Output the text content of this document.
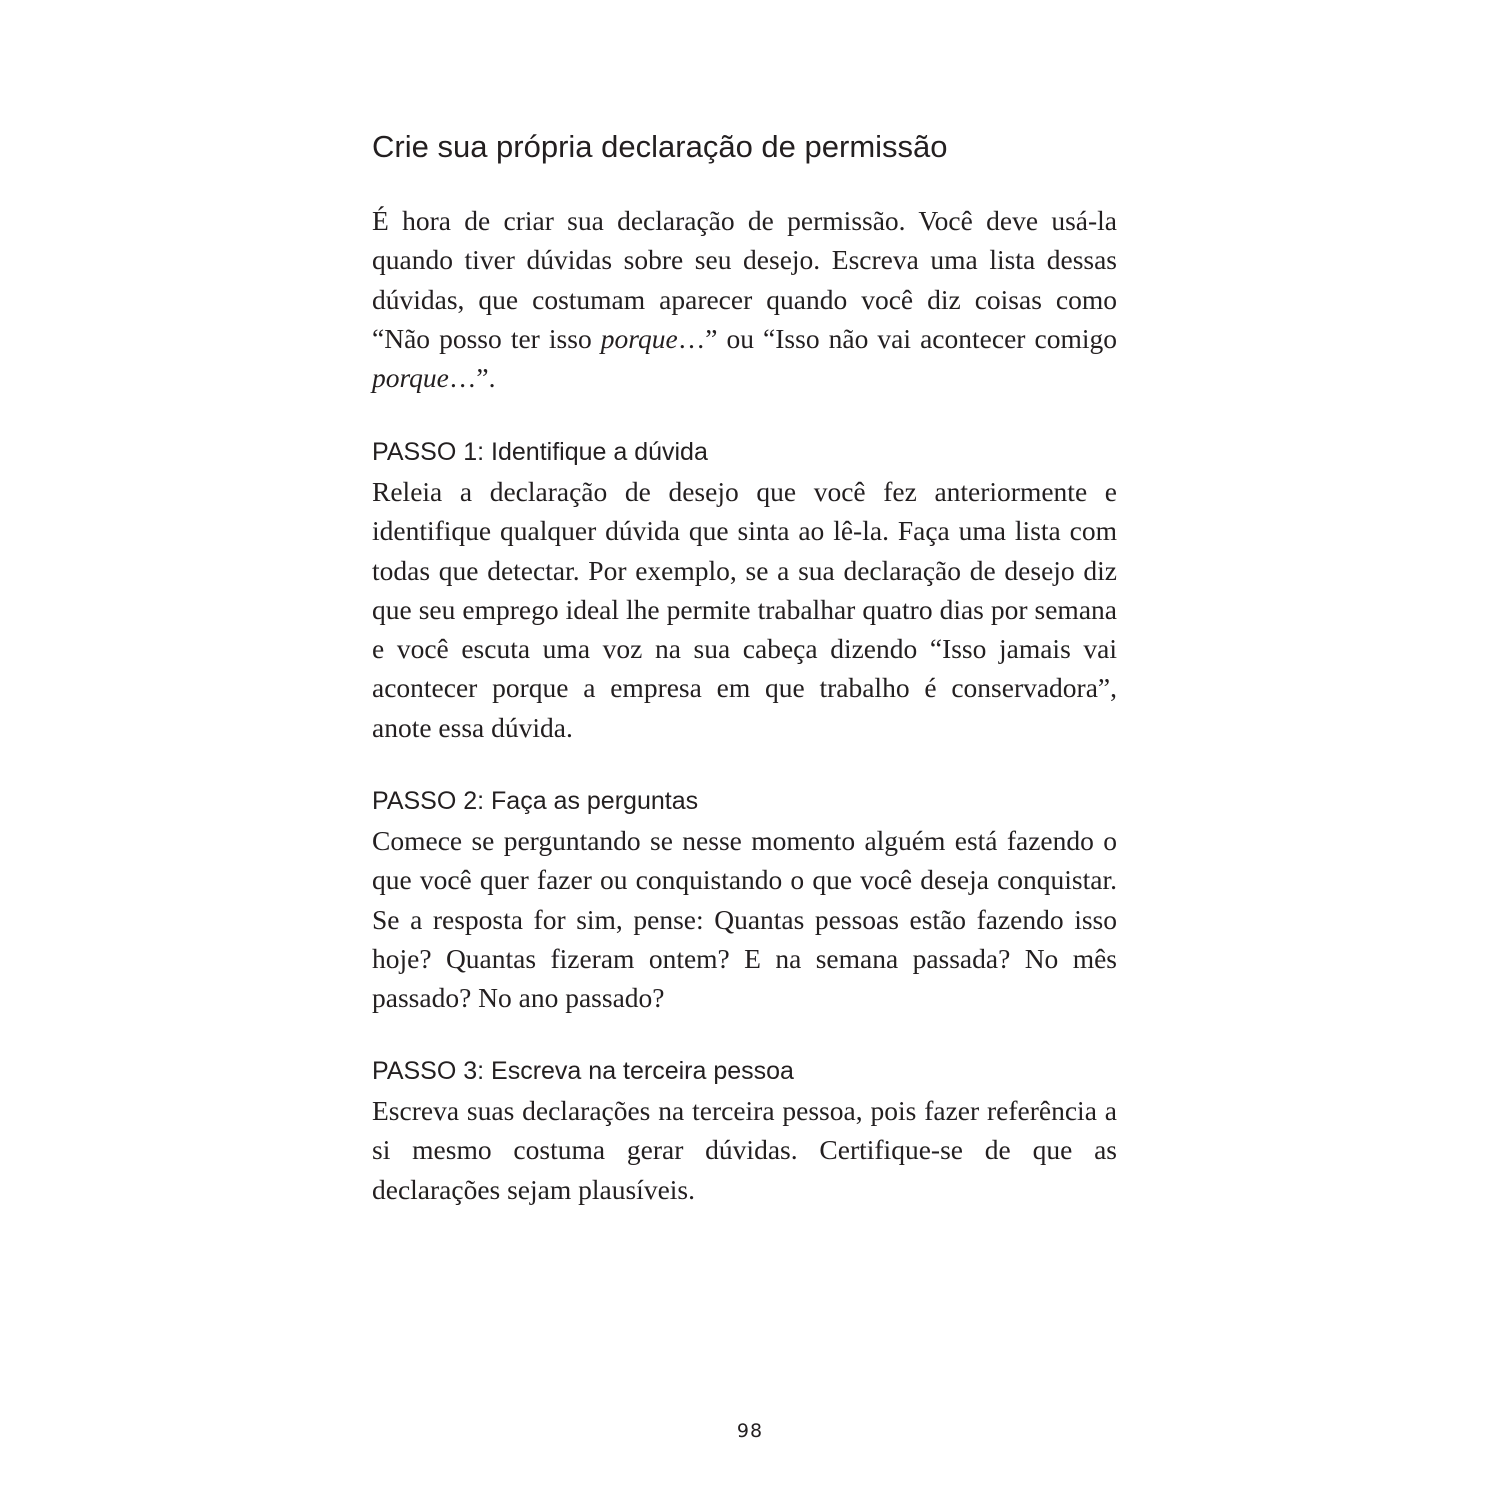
Crie sua própria declaração de permissão

É hora de criar sua declaração de permissão. Você deve usá-la quando tiver dúvidas sobre seu desejo. Escreva uma lista dessas dúvidas, que costumam aparecer quando você diz coisas como “Não posso ter isso porque…” ou “Isso não vai acontecer comigo porque…”.

PASSO 1: Identifique a dúvida

Releia a declaração de desejo que você fez anteriormente e identifique qualquer dúvida que sinta ao lê-la. Faça uma lista com todas que detectar. Por exemplo, se a sua declaração de desejo diz que seu emprego ideal lhe permite trabalhar quatro dias por semana e você escuta uma voz na sua cabeça dizendo “Isso jamais vai acontecer porque a empresa em que trabalho é conservadora”, anote essa dúvida.

PASSO 2: Faça as perguntas

Comece se perguntando se nesse momento alguém está fazendo o que você quer fazer ou conquistando o que você deseja conquistar. Se a resposta for sim, pense: Quantas pessoas estão fazendo isso hoje? Quantas fizeram ontem? E na semana passada? No mês passado? No ano passado?

PASSO 3: Escreva na terceira pessoa

Escreva suas declarações na terceira pessoa, pois fazer referência a si mesmo costuma gerar dúvidas. Certifique-se de que as declarações sejam plausíveis.

98
